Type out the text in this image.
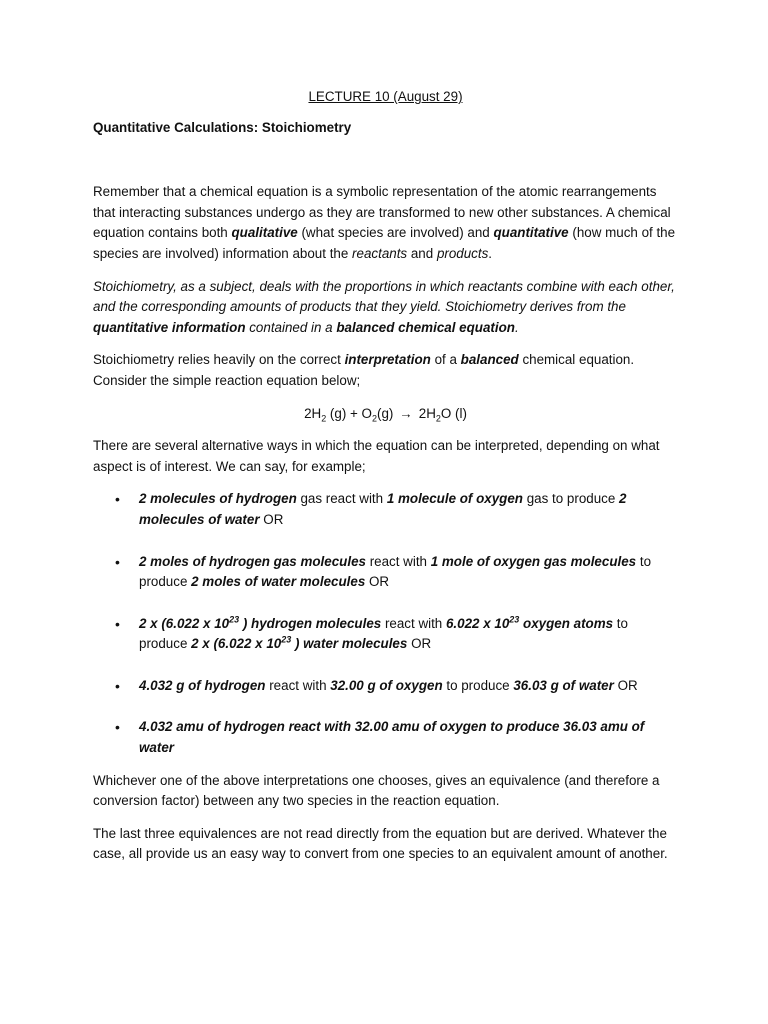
LECTURE 10 (August 29)
Quantitative Calculations: Stoichiometry

Remember that a chemical equation is a symbolic representation of the atomic rearrangements that interacting substances undergo as they are transformed to new other substances. A chemical equation contains both qualitative (what species are involved) and quantitative (how much of the species are involved) information about the reactants and products.

Stoichiometry, as a subject, deals with the proportions in which reactants combine with each other, and the corresponding amounts of products that they yield. Stoichiometry derives from the quantitative information contained in a balanced chemical equation.

Stoichiometry relies heavily on the correct interpretation of a balanced chemical equation. Consider the simple reaction equation below;

$2H_2$ $(g) + O_2(g) \to 2H_2O$ (l)

There are several alternative ways in which the equation can be interpreted, depending on what aspect is of interest. We can say, for example;

• 2 molecules of hydrogen gas react with 1 molecule of oxygen gas to produce 2 molecules of water OR
• 2 moles of hydrogen gas molecules react with 1 mole of oxygen gas molecules to produce 2 moles of water molecules OR
• 2 x (6.022 x $10^{23}$ ) hydrogen molecules react with 6.022 x $10^{23}$ oxygen atoms to produce 2 x (6.022 x $10^{23}$ ) water molecules OR
• 4.032 g of hydrogen react with 32.00 g of oxygen to produce 36.03 g of water OR
• 4.032 amu of hydrogen react with 32.00 amu of oxygen to produce 36.03 amu of water

Whichever one of the above interpretations one chooses, gives an equivalence (and therefore a conversion factor) between any two species in the reaction equation.

The last three equivalences are not read directly from the equation but are derived. Whatever the case, all provide us an easy way to convert from one species to an equivalent amount of another.
